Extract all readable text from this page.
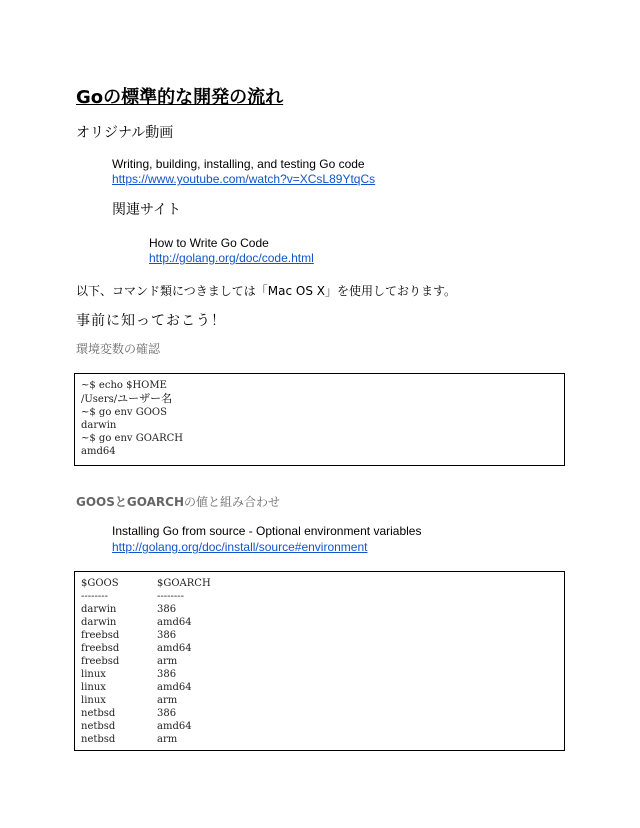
Goの標準的な開発の流れ
オリジナル動画
Writing, building, installing, and testing Go code
https://www.youtube.com/watch?v=XCsL89YtqCs
関連サイト
How to Write Go Code
http://golang.org/doc/code.html
以下、コマンド類につきましては「Mac OS X」を使用しております。
事前に知っておこう！
環境変数の確認
~$ echo $HOME
/Users/ユーザー名
~$ go env GOOS
darwin
~$ go env GOARCH
amd64
GOOSとGOARCHの値と組み合わせ
Installing Go from source - Optional environment variables
http://golang.org/doc/install/source#environment
$GOOS	$GOARCH
--------	--------
darwin	386
darwin	amd64
freebsd	386
freebsd	amd64
freebsd	arm
linux	386
linux	amd64
linux	arm
netbsd	386
netbsd	amd64
netbsd	arm
